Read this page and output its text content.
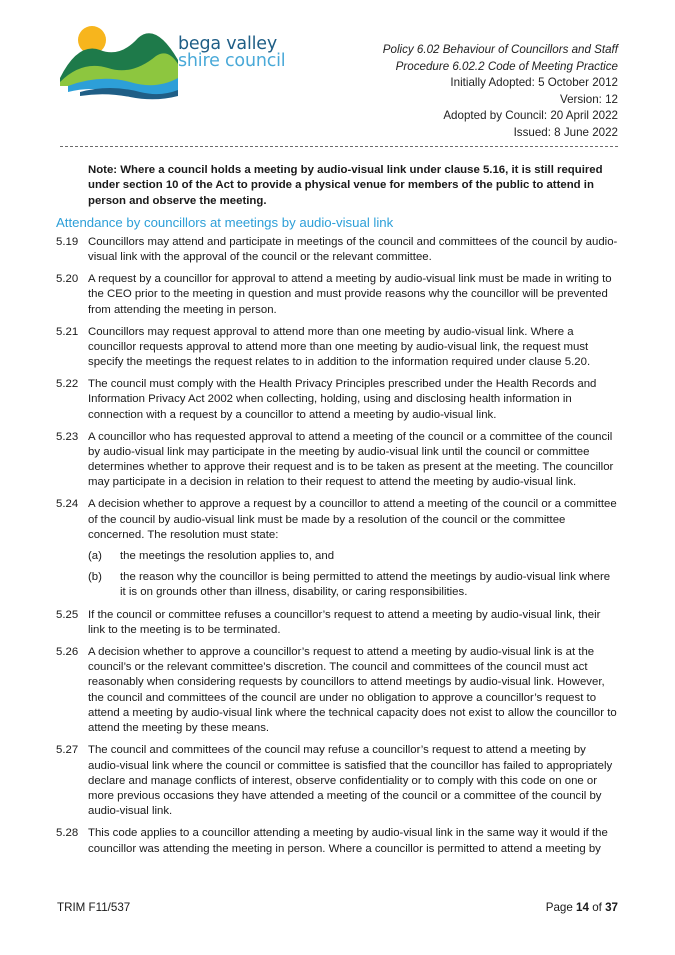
bega valley
shire council
Policy 6.02 Behaviour of Councillors and Staff
Procedure 6.02.2 Code of Meeting Practice
Initially Adopted: 5 October 2012
Version: 12
Adopted by Council: 20 April 2022
Issued: 8 June 2022
Note: Where a council holds a meeting by audio-visual link under clause 5.16, it is still required under section 10 of the Act to provide a physical venue for members of the public to attend in person and observe the meeting.
Attendance by councillors at meetings by audio-visual link
5.19 Councillors may attend and participate in meetings of the council and committees of the council by audio-visual link with the approval of the council or the relevant committee.
5.20 A request by a councillor for approval to attend a meeting by audio-visual link must be made in writing to the CEO prior to the meeting in question and must provide reasons why the councillor will be prevented from attending the meeting in person.
5.21 Councillors may request approval to attend more than one meeting by audio-visual link. Where a councillor requests approval to attend more than one meeting by audio-visual link, the request must specify the meetings the request relates to in addition to the information required under clause 5.20.
5.22 The council must comply with the Health Privacy Principles prescribed under the Health Records and Information Privacy Act 2002 when collecting, holding, using and disclosing health information in connection with a request by a councillor to attend a meeting by audio-visual link.
5.23 A councillor who has requested approval to attend a meeting of the council or a committee of the council by audio-visual link may participate in the meeting by audio-visual link until the council or committee determines whether to approve their request and is to be taken as present at the meeting. The councillor may participate in a decision in relation to their request to attend the meeting by audio-visual link.
5.24 A decision whether to approve a request by a councillor to attend a meeting of the council or a committee of the council by audio-visual link must be made by a resolution of the council or the committee concerned. The resolution must state:
(a)	the meetings the resolution applies to, and
(b)	the reason why the councillor is being permitted to attend the meetings by audio-visual link where it is on grounds other than illness, disability, or caring responsibilities.
5.25 If the council or committee refuses a councillor’s request to attend a meeting by audio-visual link, their link to the meeting is to be terminated.
5.26 A decision whether to approve a councillor’s request to attend a meeting by audio-visual link is at the council’s or the relevant committee’s discretion. The council and committees of the council must act reasonably when considering requests by councillors to attend meetings by audio-visual link. However, the council and committees of the council are under no obligation to approve a councillor’s request to attend a meeting by audio-visual link where the technical capacity does not exist to allow the councillor to attend the meeting by these means.
5.27 The council and committees of the council may refuse a councillor’s request to attend a meeting by audio-visual link where the council or committee is satisfied that the councillor has failed to appropriately declare and manage conflicts of interest, observe confidentiality or to comply with this code on one or more previous occasions they have attended a meeting of the council or a committee of the council by audio-visual link.
5.28 This code applies to a councillor attending a meeting by audio-visual link in the same way it would if the councillor was attending the meeting in person. Where a councillor is permitted to attend a meeting by
TRIM F11/537	Page 14 of 37
